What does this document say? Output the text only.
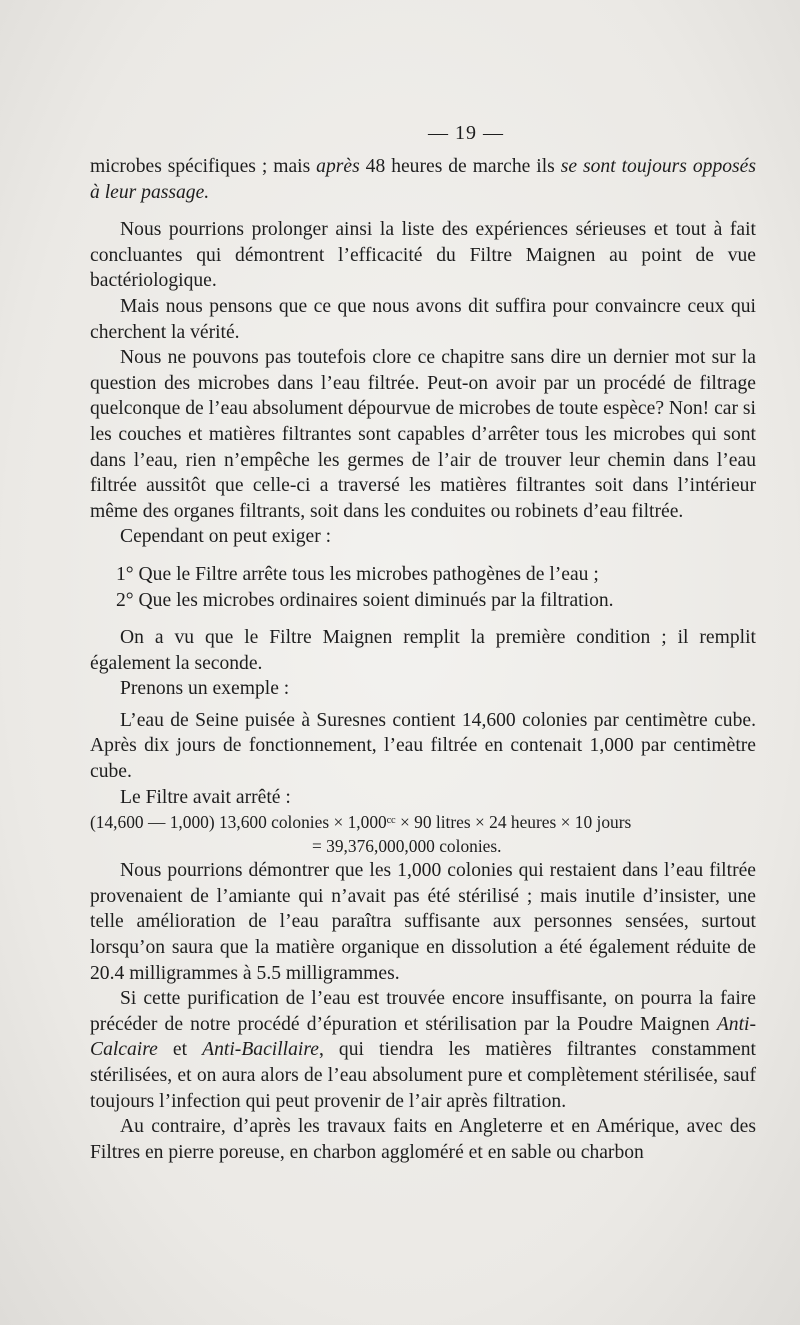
— 19 —

microbes spécifiques ; mais après 48 heures de marche ils se sont toujours opposés à leur passage.

Nous pourrions prolonger ainsi la liste des expériences sérieuses et tout à fait concluantes qui démontrent l’efficacité du Filtre Maignen au point de vue bactériologique.

Mais nous pensons que ce que nous avons dit suffira pour convaincre ceux qui cherchent la vérité.

Nous ne pouvons pas toutefois clore ce chapitre sans dire un dernier mot sur la question des microbes dans l’eau filtrée. Peut-on avoir par un procédé de filtrage quelconque de l’eau absolument dépourvue de microbes de toute espèce? Non! car si les couches et matières filtrantes sont capables d’arrêter tous les microbes qui sont dans l’eau, rien n’empêche les germes de l’air de trouver leur chemin dans l’eau filtrée aussitôt que celle-ci a traversé les matières filtrantes soit dans l’intérieur même des organes filtrants, soit dans les conduites ou robinets d’eau filtrée.

Cependant on peut exiger :

1° Que le Filtre arrête tous les microbes pathogènes de l’eau ;

2° Que les microbes ordinaires soient diminués par la filtration.

On a vu que le Filtre Maignen remplit la première condition ; il remplit également la seconde.

Prenons un exemple :

L’eau de Seine puisée à Suresnes contient 14,600 colonies par centimètre cube. Après dix jours de fonctionnement, l’eau filtrée en contenait 1,000 par centimètre cube.

Le Filtre avait arrêté :

(14,600 — 1,000) 13,600 colonies × 1,000ᶜᶜ × 90 litres × 24 heures × 10 jours
= 39,376,000,000 colonies.

Nous pourrions démontrer que les 1,000 colonies qui restaient dans l’eau filtrée provenaient de l’amiante qui n’avait pas été stérilisé ; mais inutile d’insister, une telle amélioration de l’eau paraîtra suffisante aux personnes sensées, surtout lorsqu’on saura que la matière organique en dissolution a été également réduite de 20.4 milligrammes à 5.5 milligrammes.

Si cette purification de l’eau est trouvée encore insuffisante, on pourra la faire précéder de notre procédé d’épuration et stérilisation par la Poudre Maignen Anti-Calcaire et Anti-Bacillaire, qui tiendra les matières filtrantes constamment stérilisées, et on aura alors de l’eau absolument pure et complètement stérilisée, sauf toujours l’infection qui peut provenir de l’air après filtration.

Au contraire, d’après les travaux faits en Angleterre et en Amérique, avec des Filtres en pierre poreuse, en charbon aggloméré et en sable ou charbon
